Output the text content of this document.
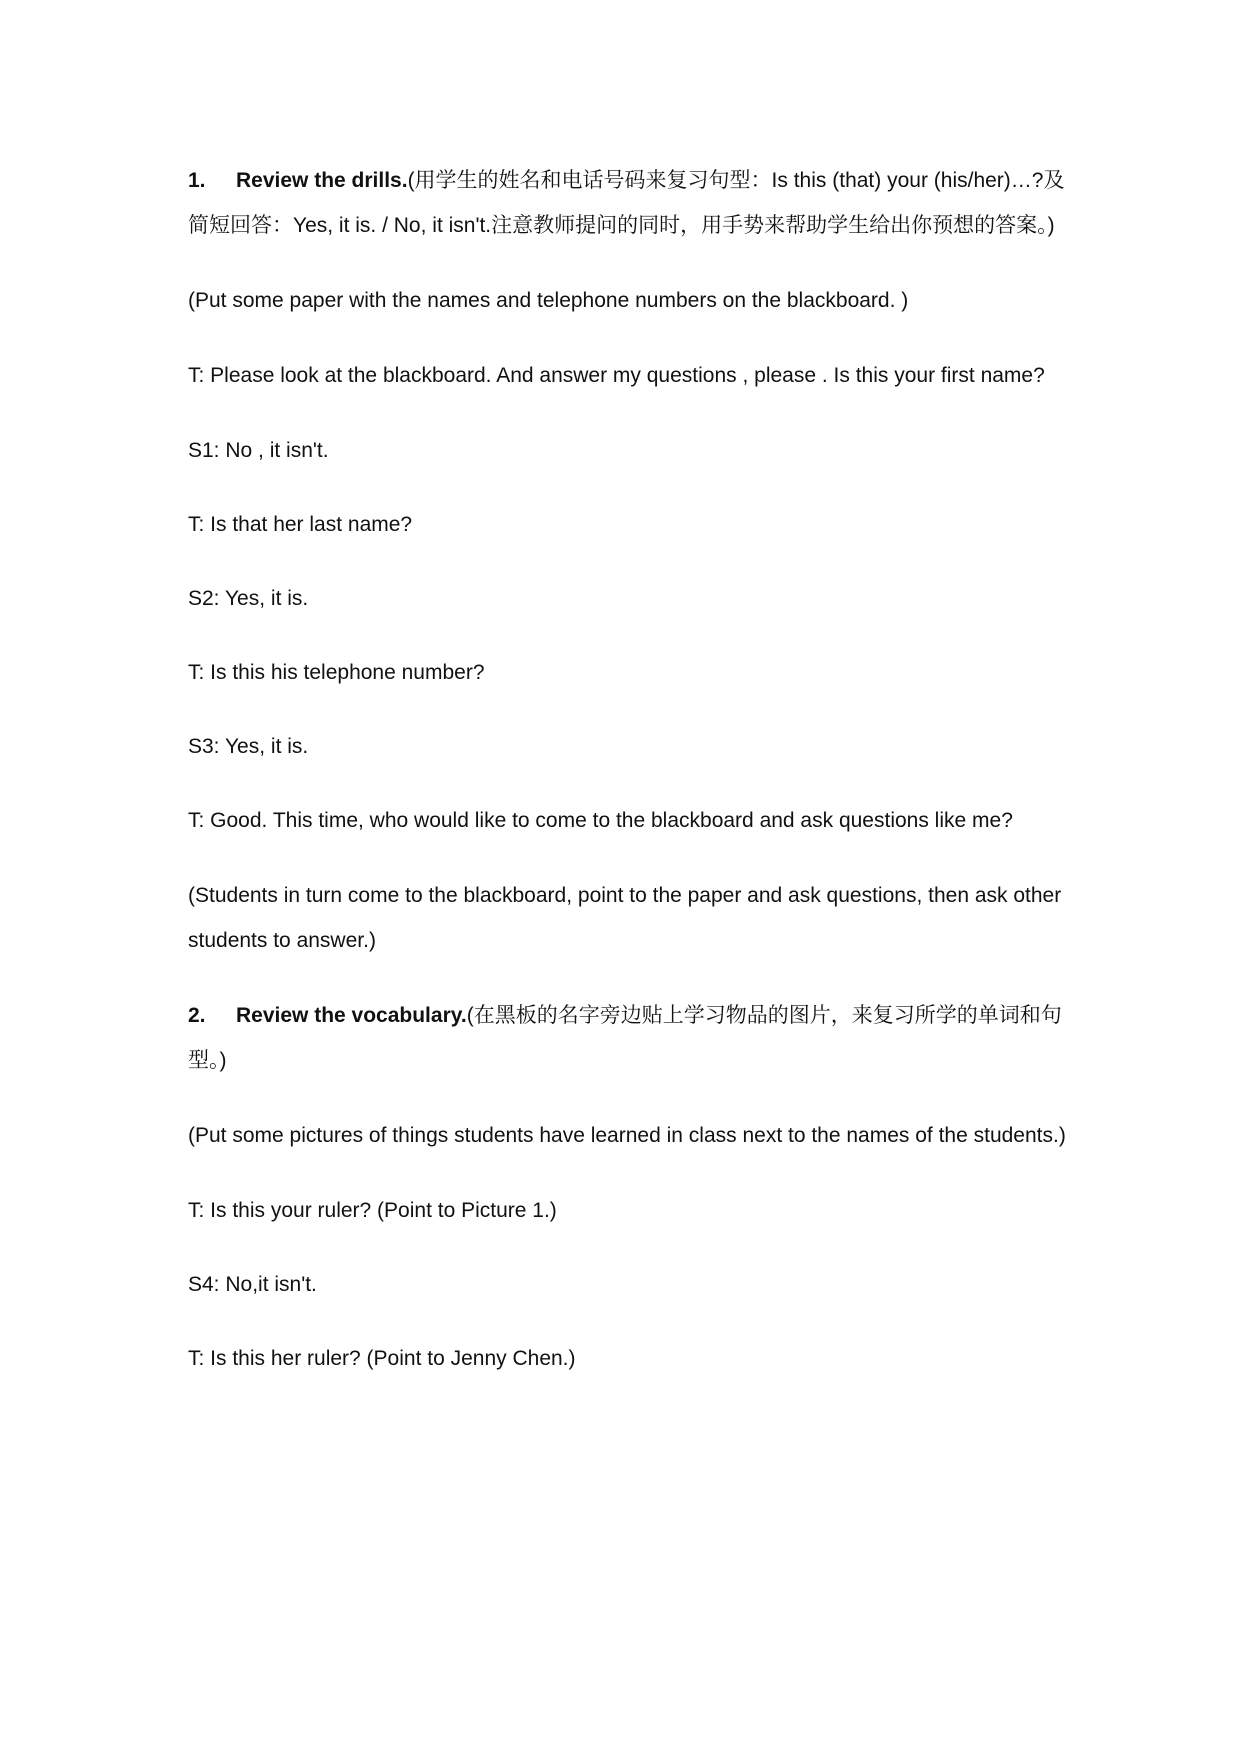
1. Review the drills.(用学生的姓名和电话号码来复习句型：Is this (that) your (his/her)…?及简短回答：Yes, it is. / No, it isn't.注意教师提问的同时，用手势来帮助学生给出你预想的答案。)

(Put some paper with the names and telephone numbers on the blackboard. )

T: Please look at the blackboard. And answer my questions , please . Is this your first name?

S1: No , it isn't.

T: Is that her last name?

S2: Yes, it is.

T: Is this his telephone number?

S3: Yes, it is.

T: Good. This time, who would like to come to the blackboard and ask questions like me?

(Students in turn come to the blackboard, point to the paper and ask questions, then ask other students to answer.)

2. Review the vocabulary.(在黑板的名字旁边贴上学习物品的图片，来复习所学的单词和句型。)

(Put some pictures of things students have learned in class next to the names of the students.)

T: Is this your ruler? (Point to Picture 1.)

S4: No,it isn't.

T: Is this her ruler? (Point to Jenny Chen.)
